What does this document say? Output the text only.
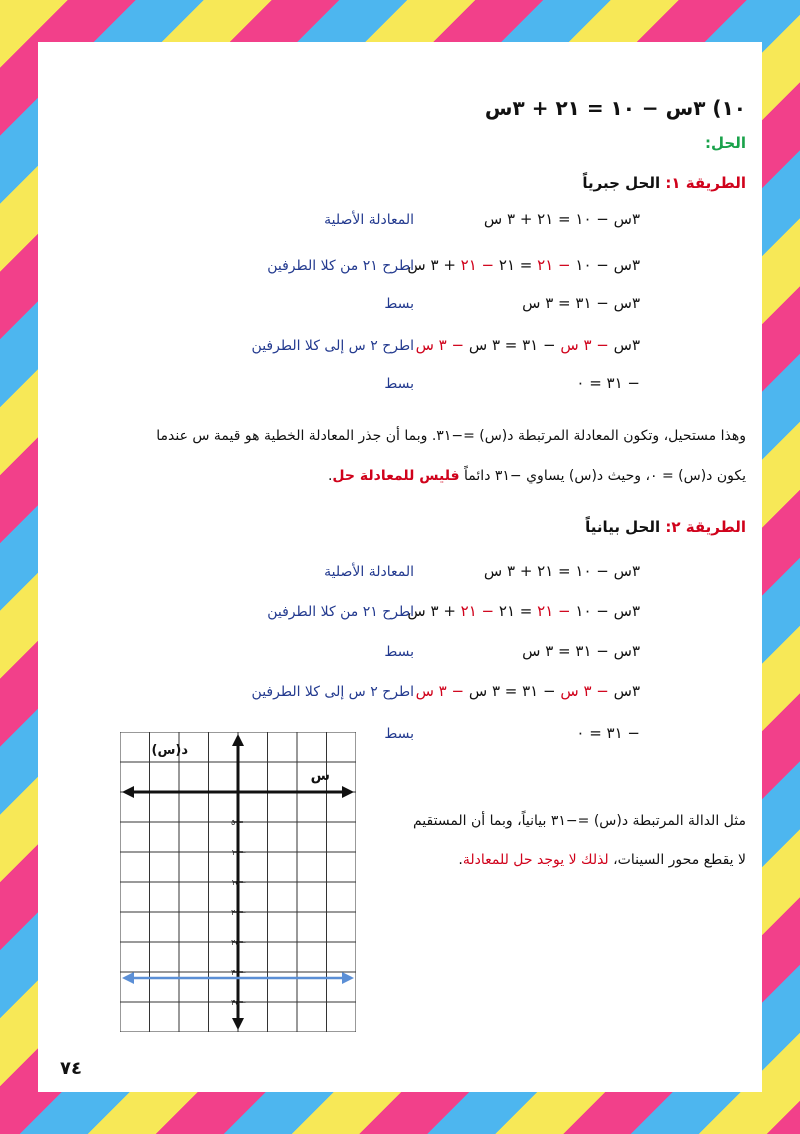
١٠) ٣س − ١٠ = ٢١ + ٣س
الحل:
الطريقة ١: الحل جبرياً
٣س − ١٠ = ٢١ + ٣ س
المعادلة الأصلية
٣س − ١٠ − ٢١ = ٢١ − ٢١ + ٣ س
اطرح ٢١ من كلا الطرفين
٣س − ٣١ = ٣ س
بسط
٣س − ٣ س − ٣١ = ٣ س − ٣ س
اطرح ٢ س إلى كلا الطرفين
− ٣١ = ٠
بسط
وهذا مستحيل، وتكون المعادلة المرتبطة د(س) =−٣١. وبما أن جذر المعادلة الخطية هو قيمة س عندما
يكون د(س) = ٠، وحيث د(س) يساوي −٣١ دائماً فليس للمعادلة حل.
الطريقة ٢: الحل بيانياً
٣س − ١٠ = ٢١ + ٣ س
المعادلة الأصلية
٣س − ١٠ − ٢١ = ٢١ − ٢١ + ٣ س
اطرح ٢١ من كلا الطرفين
٣س − ٣١ = ٣ س
بسط
٣س − ٣ س − ٣١ = ٣ س − ٣ س
اطرح ٢ س إلى كلا الطرفين
− ٣١ = ٠
بسط
مثل الدالة المرتبطة د(س) =−٣١ بيانياً، وبما أن المستقيم
لا يقطع محور السينات، لذلك لا يوجد حل للمعادلة.
س
د(س)
−٥
−١٠
−١٥
−٢٠
−٢٥
−٣٠
−٣٥
٧٤
